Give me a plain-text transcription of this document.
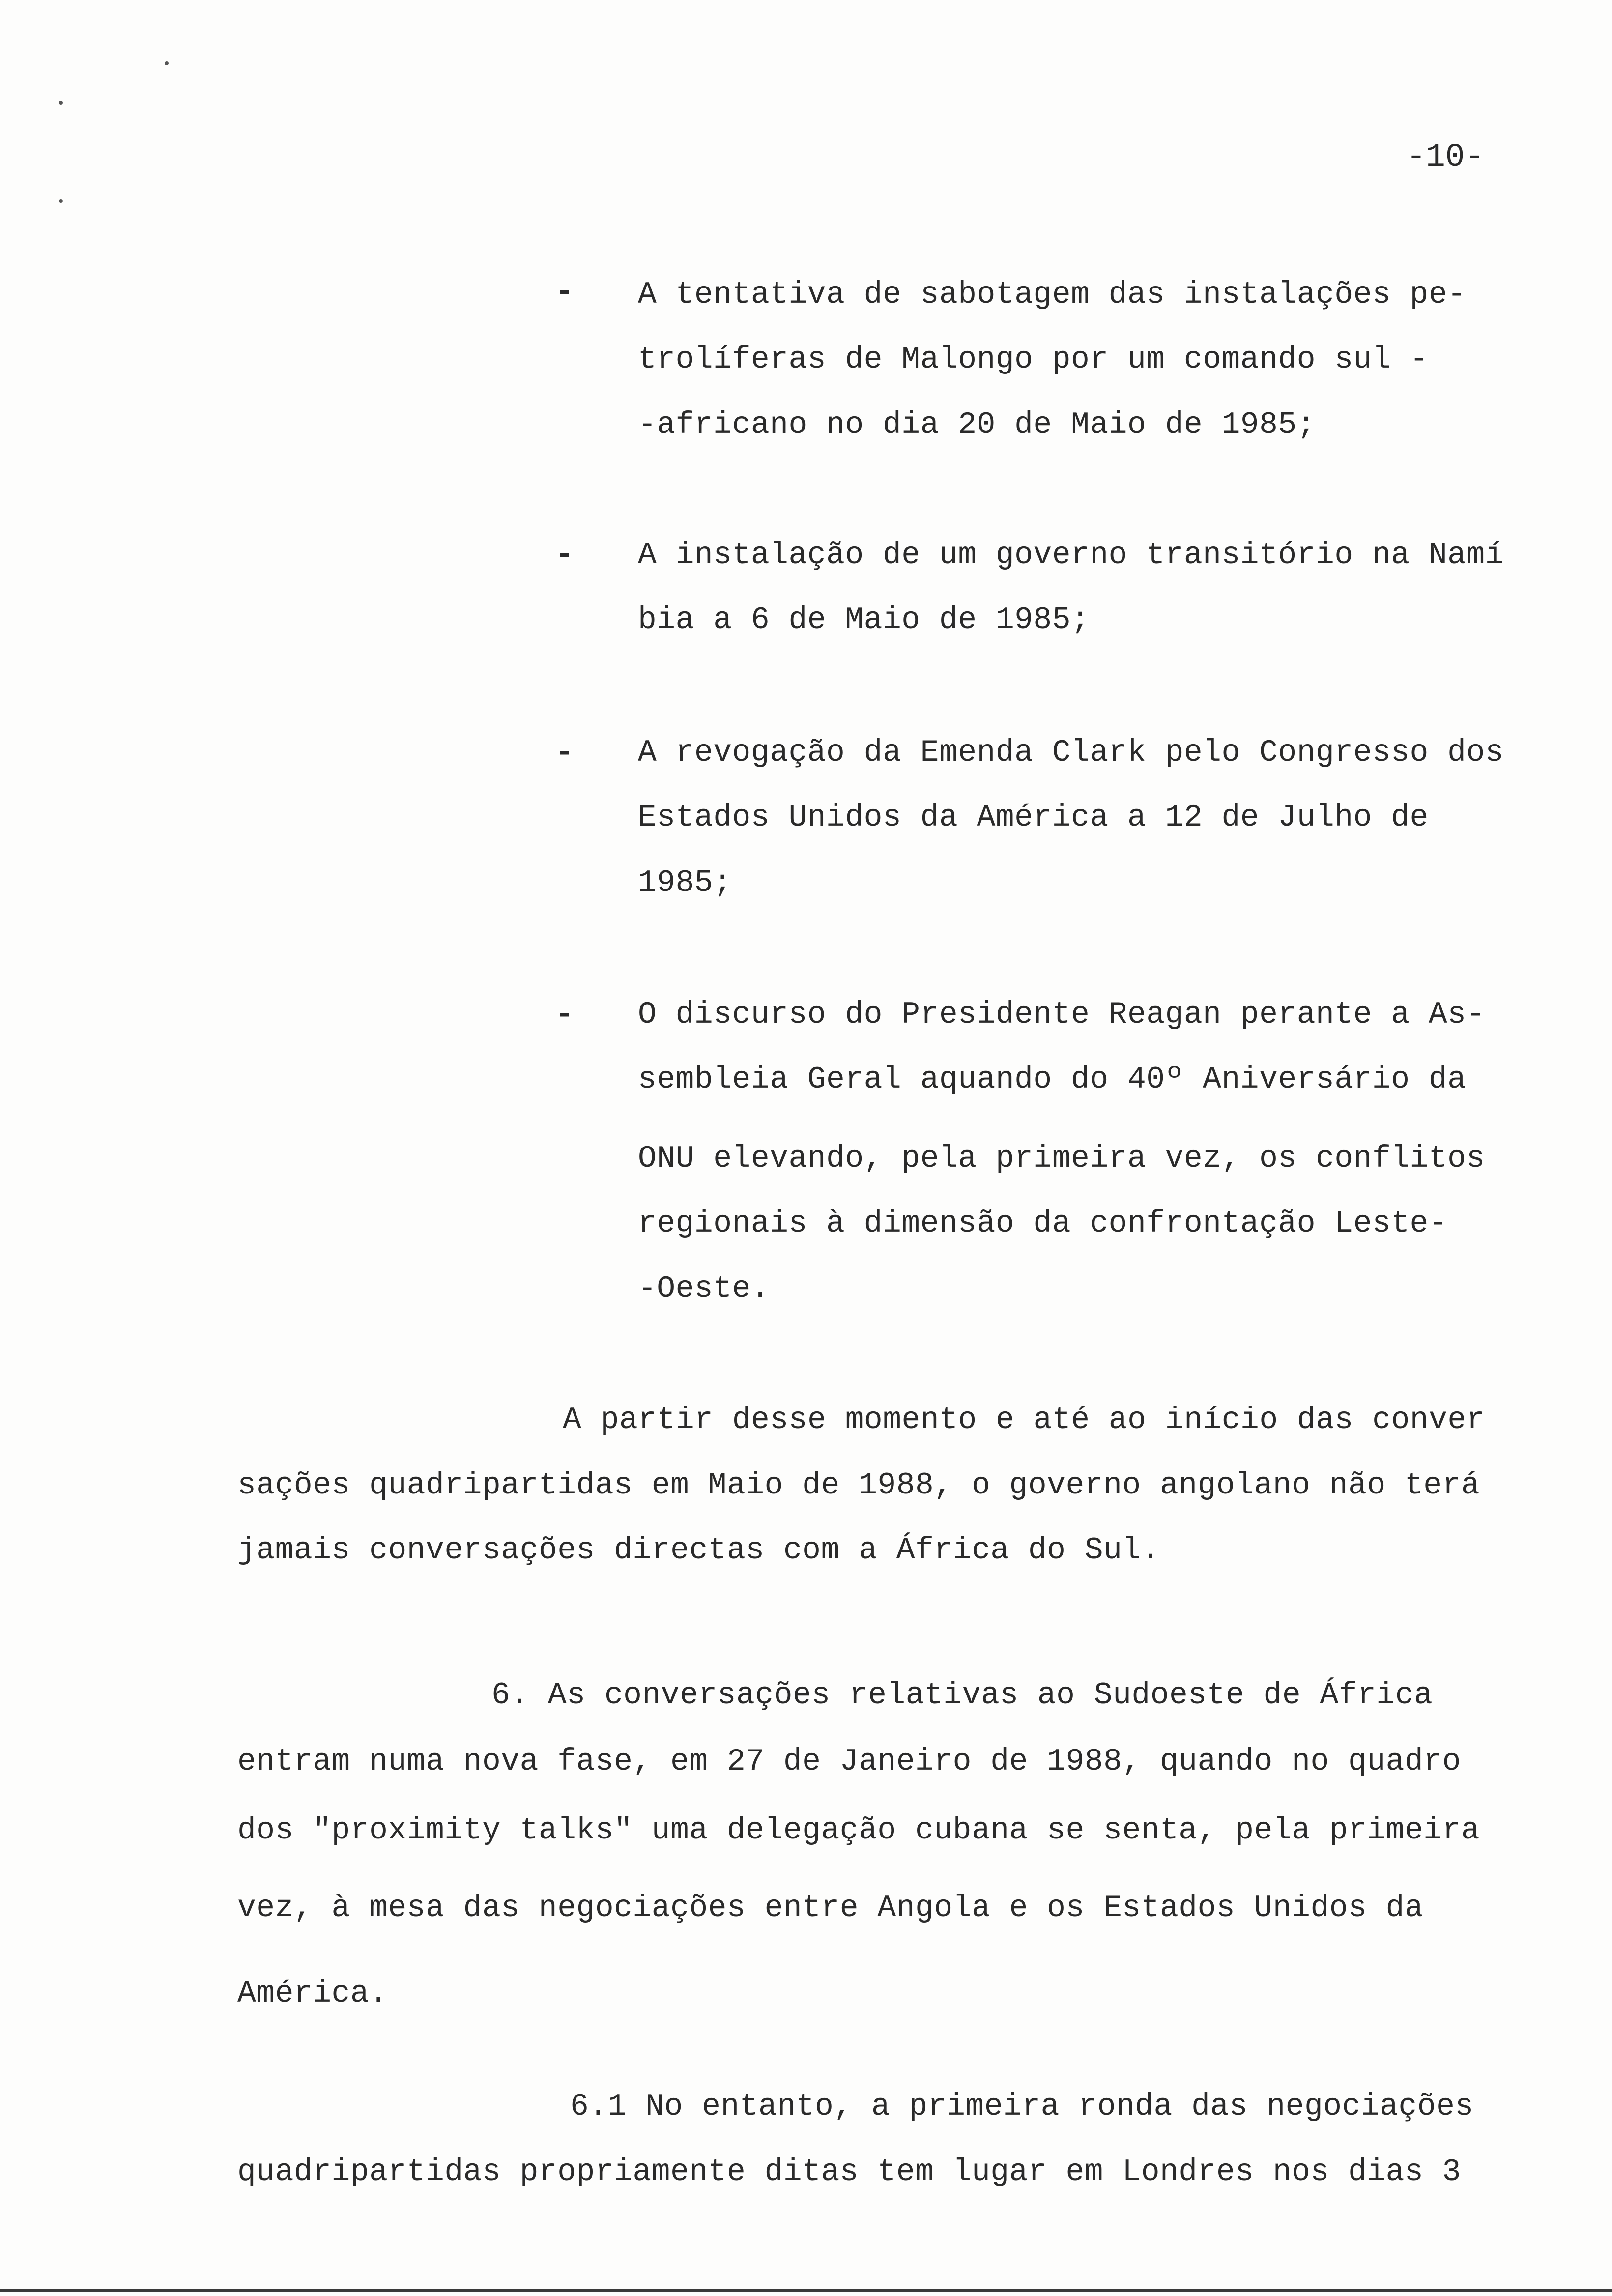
-10-
- A tentativa de sabotagem das instalações pe-
trolíferas de Malongo por um comando sul -
-africano no dia 20 de Maio de 1985;
- A instalação de um governo transitório na Namí
bia a 6 de Maio de 1985;
- A revogação da Emenda Clark pelo Congresso dos
Estados Unidos da América a 12 de Julho de
1985;
- O discurso do Presidente Reagan perante a As-
sembleia Geral aquando do 40º Aniversário da
ONU elevando, pela primeira vez, os conflitos
regionais à dimensão da confrontação Leste-
-Oeste.
A partir desse momento e até ao início das conver
sações quadripartidas em Maio de 1988, o governo angolano não terá
jamais conversações directas com a África do Sul.
6. As conversações relativas ao Sudoeste de África
entram numa nova fase, em 27 de Janeiro de 1988, quando no quadro
dos "proximity talks" uma delegação cubana se senta, pela primeira
vez, à mesa das negociações entre Angola e os Estados Unidos da
América.
6.1 No entanto, a primeira ronda das negociações
quadripartidas propriamente ditas tem lugar em Londres nos dias 3
